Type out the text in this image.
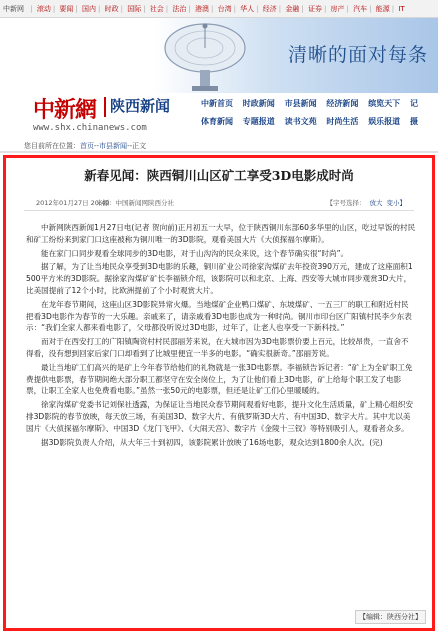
中新网 | 滚动 | 要闻 | 国内 | 时政 | 国际 | 社会 | 法治 | 港澳 | 台湾 | 华人 | 经济 | 金融 | 证券 | 房产 | 汽车 | 能源 | IT
清晰的面对每条
中新網 陕西新闻
www.shx.chinanews.com
中新首页 时政新闻 市县新闻 经济新闻 缤览天下 记
体育新闻 专题报道 读书文苑 时尚生活 娱乐报道 摄
您目前所在位置：首页--市县新闻--正文
新春见闻：陕西铜川山区矿工享受3D电影成时尚
2012年01月27日 20:40
来源：中国新闻网陕西分社	【字号选择： 放大 变小】

中新网陕西新闻1月27日电(记者 贺向前)正月初五一大早，位于陕西铜川东部60多华里的山区，吃过早饭的村民和矿工纷纷来到家门口这座被称为铜川唯一的3D影院，观看美国大片《大侦探福尔摩斯》。

能在家门口同步观看全球同步的3D电影，对于山沟沟的民众来说，这个春节确实很“时尚”。

据了解，为了让当地民众享受到3D电影的乐趣，铜川矿业公司徐家沟煤矿去年投资390万元，建成了这座面积1500平方米的3D影院。据徐家沟煤矿矿长李福锁介绍，该影院可以和北京、上海、西安等大城市同步观赏3D大片，比美国提前了12个小时，比欧洲提前了个小时观赏大片。

在龙年春节期间，这座山区3D影院异常火爆。当地煤矿企业鸭口煤矿、东坡煤矿、一五三厂的职工和附近村民把看3D电影作为春节的一大乐趣。亲戚来了，请亲戚看3D电影也成为一种时尚。铜川市印台区广阳镇村民李少东表示：“我们全家人都来看电影了，父母都没听说过3D电影，过年了，让老人也享受一下新科技。”

而对于在西安打工的广阳镇陶资村村民邵丽芳来说，在大城市因为3D电影票价要上百元，比较昂贵，一直舍不得看，没有想到回家后家门口却看到了比城里便宜一半多的电影。“确实很新奇。”邵丽芳说。

最让当地矿工们高兴的是矿上今年春节给他们的礼物就是一张3D电影票。李福锁告诉记者：“矿上为全矿职工免费提供电影票，春节期间绝大部分职工都坚守在安全岗位上，为了让他们看上3D电影，矿上给每个职工发了电影票，让职工全家人也免费看电影。”虽然一张50元的电影票，但还是让矿工们心里暖暖的。

徐家沟煤矿党委书记刘保社透露，为保证让当地民众春节期间观看好电影，提升文化生活质量，矿上精心组织安排3D影院的春节放映，每天放三场，有美国3D、数字大片、有俄罗斯3D大片、有中国3D、数字大片。其中尤以美国片《大侦探福尔摩斯》、中国3D《龙门飞甲》、《大闹天宫》、数字片《金陵十三钗》等特别吸引人，观看者众多。

据3D影院负责人介绍，从大年三十到初四，该影院累计放映了16场电影，观众达到1800余人次。(完)

【编辑：陕西分社】
